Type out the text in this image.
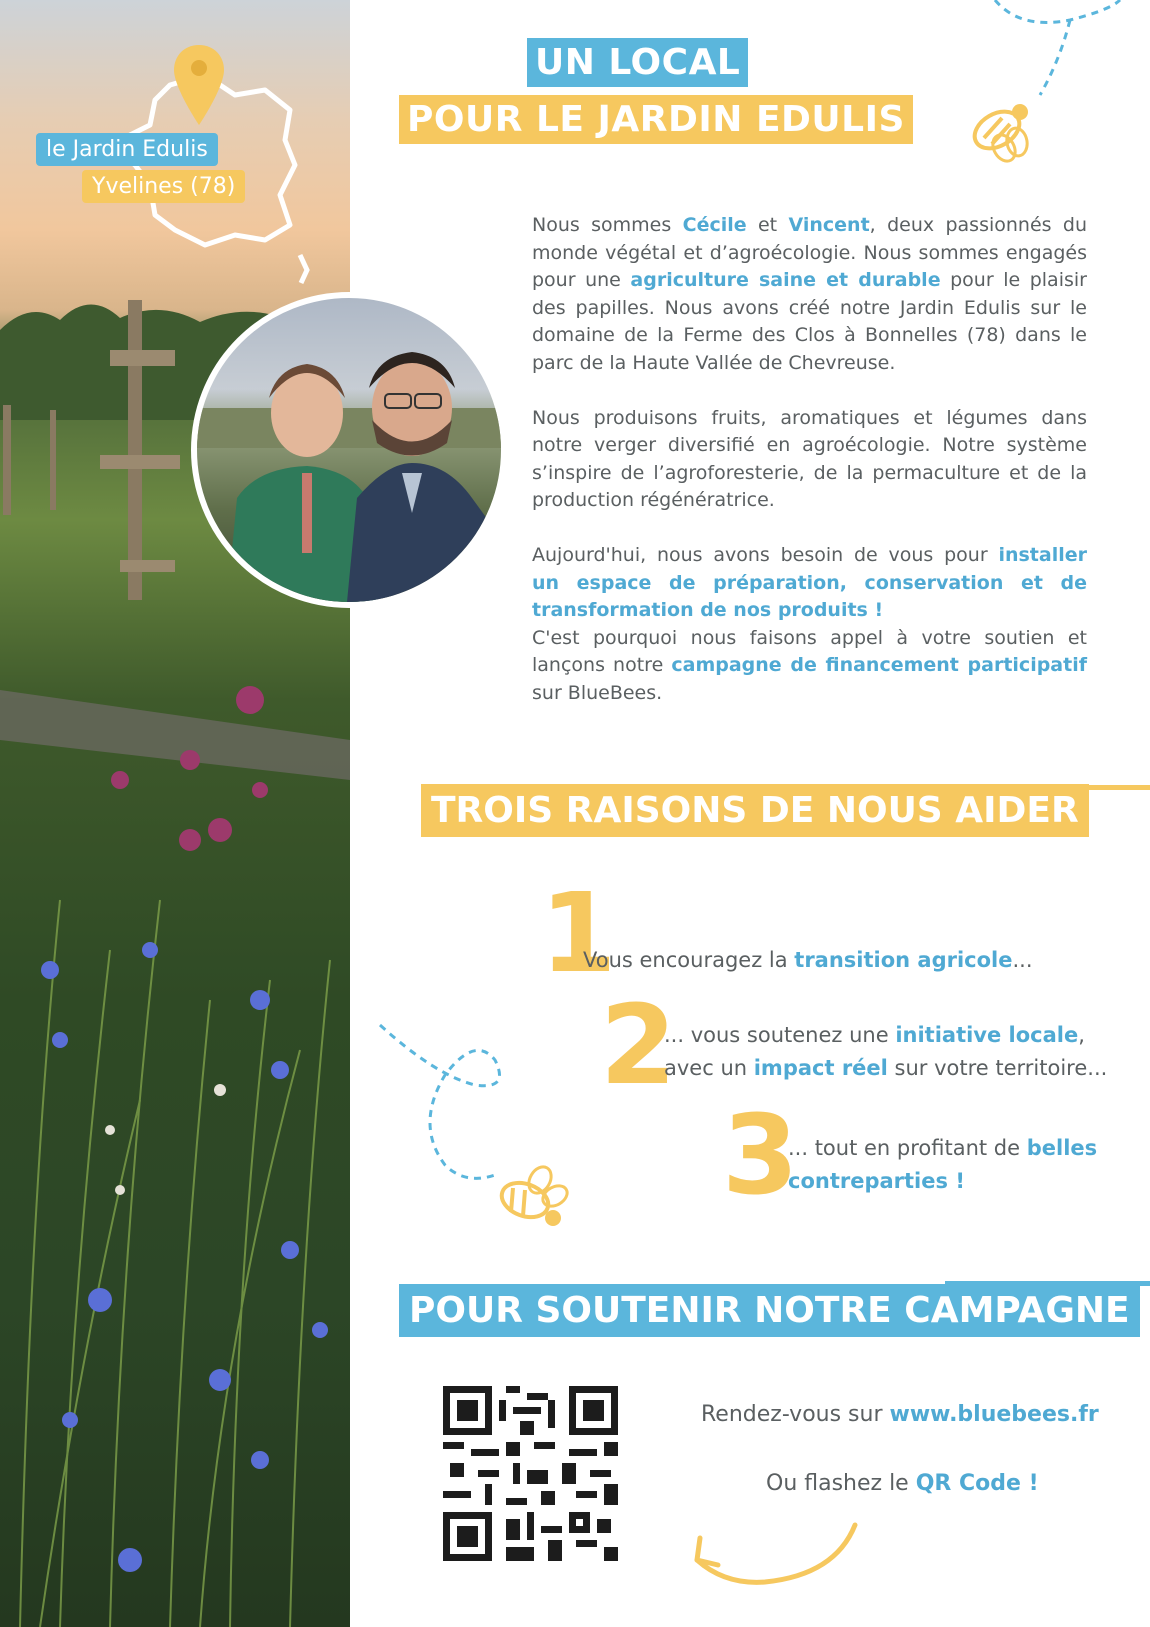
le Jardin Edulis
Yvelines (78)
UN LOCAL
POUR LE JARDIN EDULIS

Nous sommes Cécile et Vincent, deux passionnés du monde végétal et d’agroécologie. Nous sommes engagés pour une agriculture saine et durable pour le plaisir des papilles. Nous avons créé notre Jardin Edulis sur le domaine de la Ferme des Clos à Bonnelles (78) dans le parc de la Haute Vallée de Chevreuse.

Nous produisons fruits, aromatiques et légumes dans notre verger diversifié en agroécologie. Notre système s’inspire de l’agroforesterie, de la permaculture et de la production régénératrice.

Aujourd'hui, nous avons besoin de vous pour installer un espace de préparation, conservation et de transformation de nos produits !
C'est pourquoi nous faisons appel à votre soutien et lançons notre campagne de financement participatif sur BlueBees.

TROIS RAISONS DE NOUS AIDER
1
Vous encouragez la transition agricole...
2
... vous soutenez une initiative locale,
avec un impact réel sur votre territoire...
3
... tout en profitant de belles
contreparties !
POUR SOUTENIR NOTRE CAMPAGNE
Rendez-vous sur www.bluebees.fr
Ou flashez le QR Code !
